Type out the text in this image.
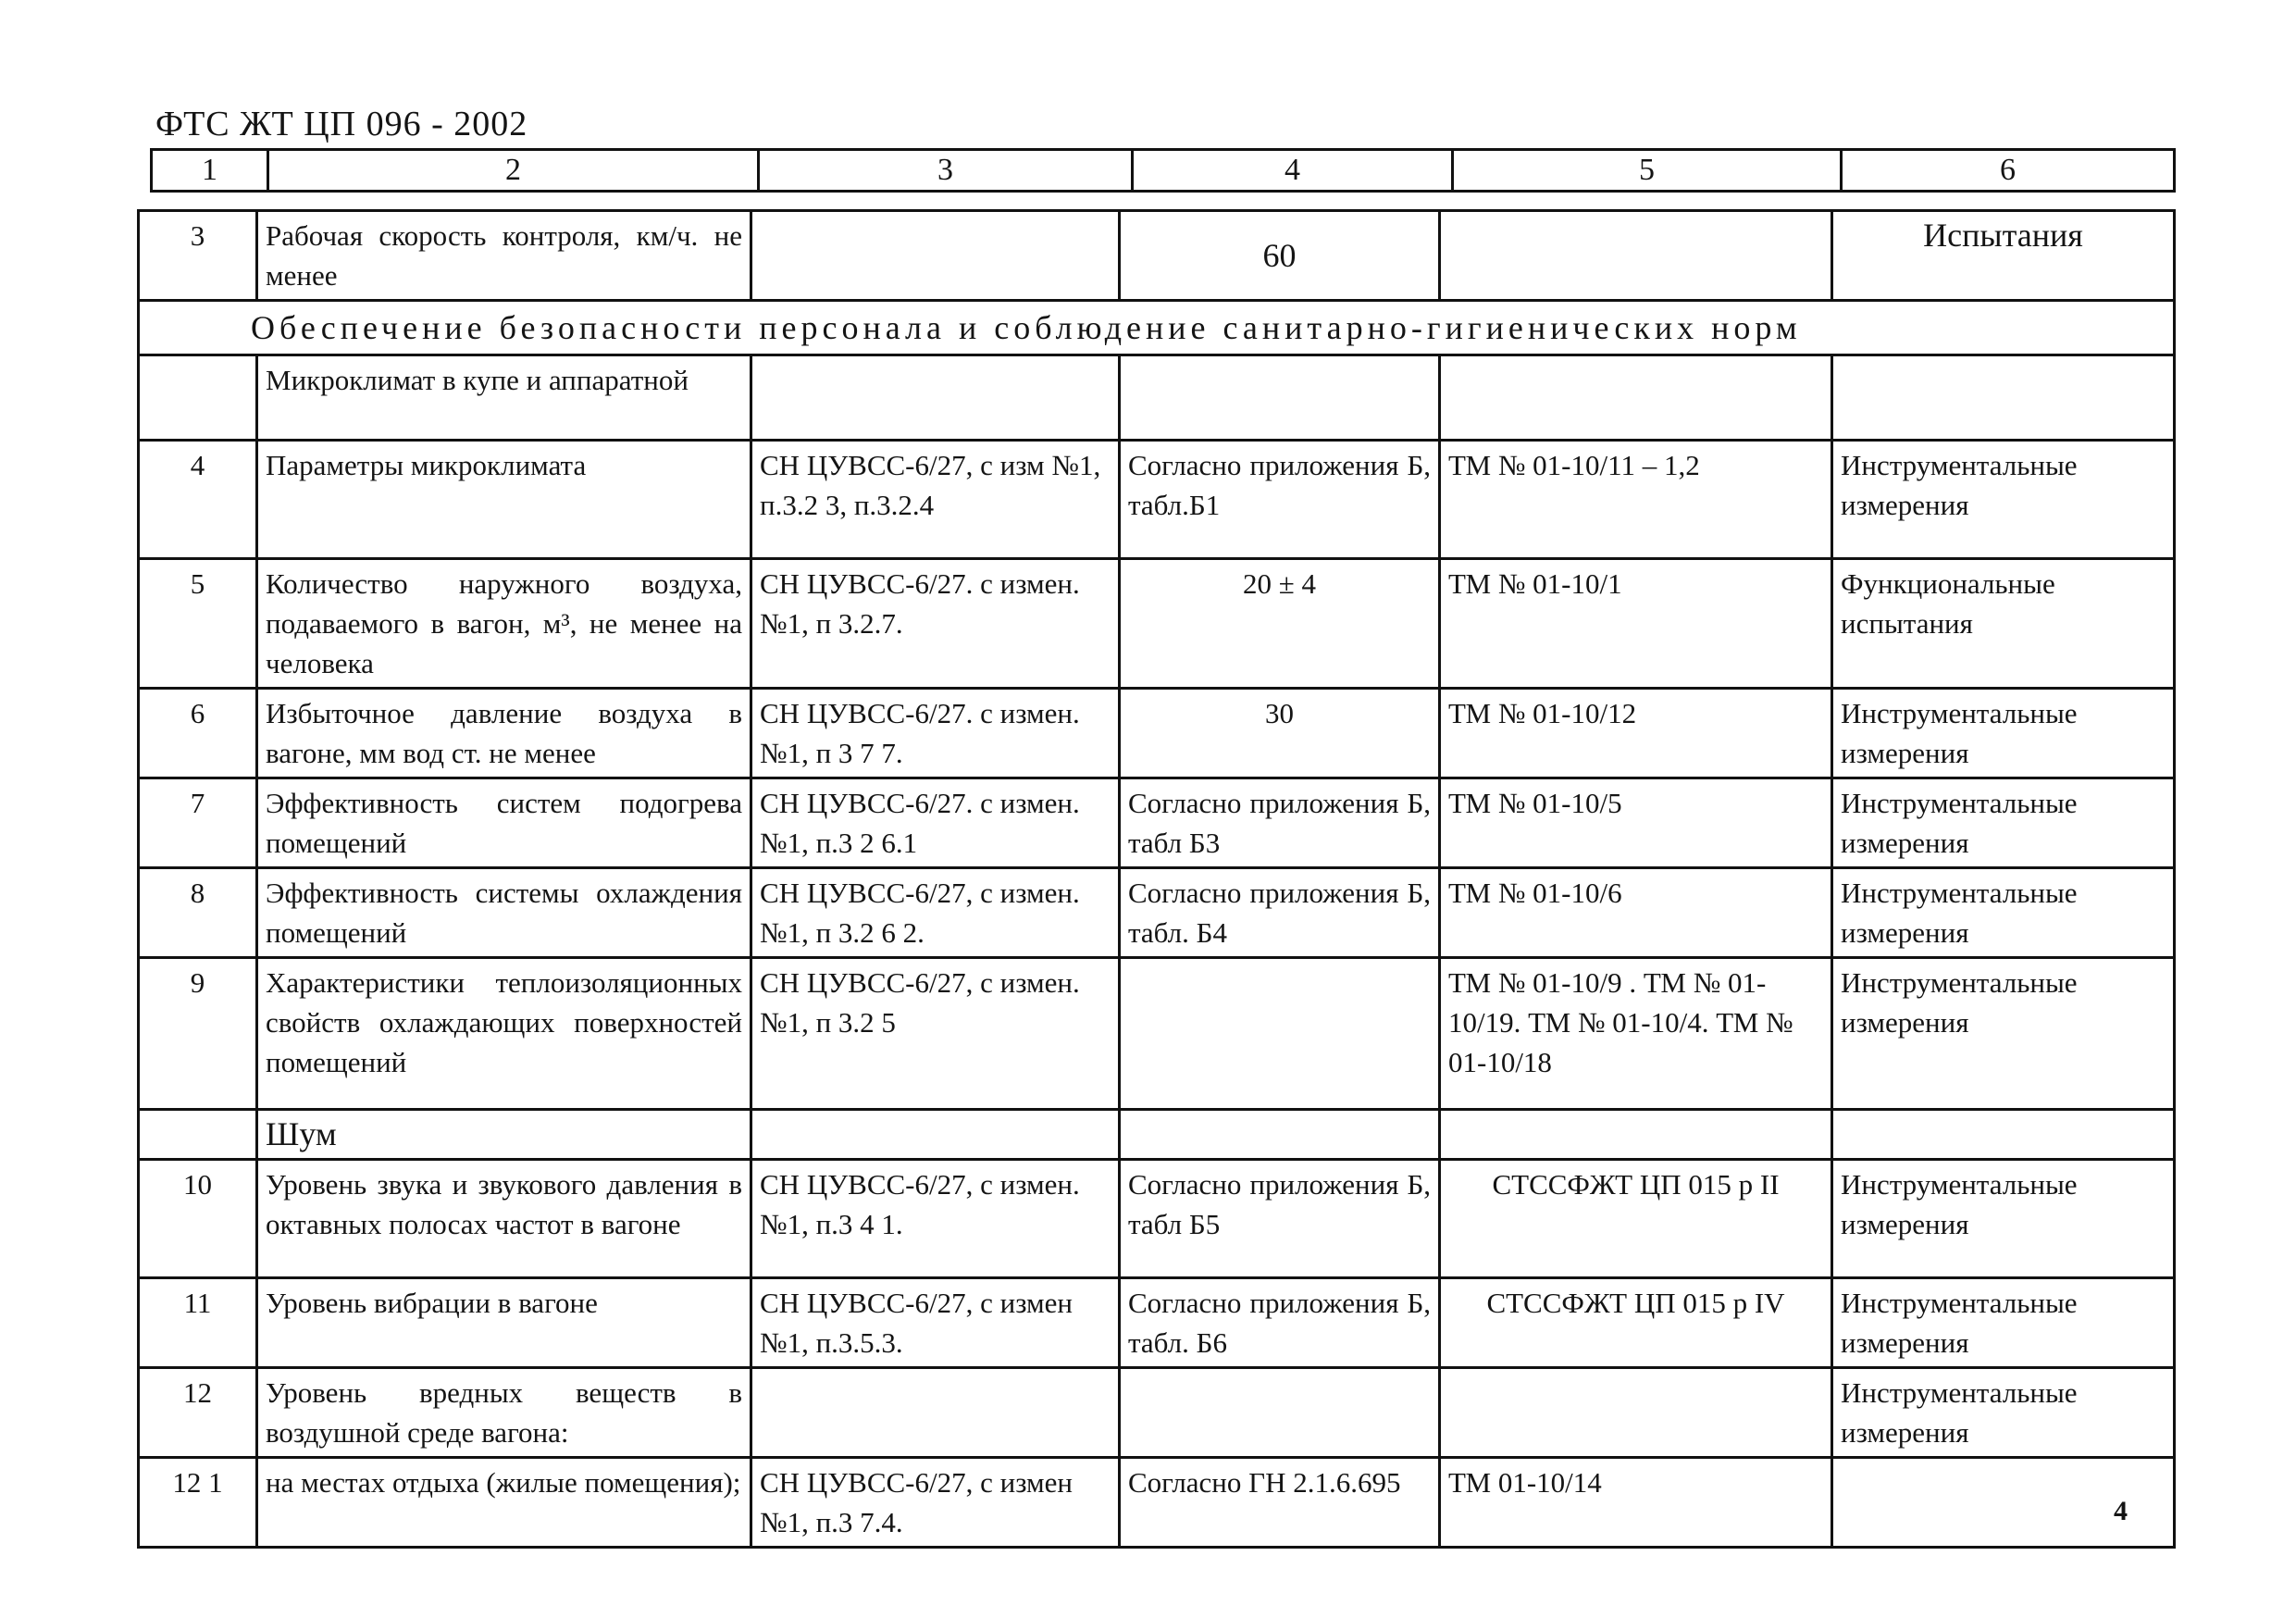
ФТС ЖТ ЦП 096 - 2002
1	2	3	4	5	6
3	Рабочая скорость контроля, км/ч. не менее		60		Испытания
Обеспечение безопасности персонала и соблюдение санитарно-гигиенических норм					
	Микроклимат в купе и аппаратной				
4	Параметры микроклимата	СН ЦУВСС-6/27, с изм №1, п.3.2 3, п.3.2.4	Согласно приложения Б, табл.Б1	ТМ № 01-10/11 – 1,2	Инструментальные измерения
5	Количество наружного воздуха, подаваемого в вагон, м³, не менее на человека	СН ЦУВСС-6/27. с измен.№1, п 3.2.7.	20 ± 4	ТМ № 01-10/1	Функциональные испытания
6	Избыточное давление воздуха в вагоне, мм вод ст. не менее	СН ЦУВСС-6/27. с измен.№1, п 3 7 7.	30	ТМ № 01-10/12	Инструментальные измерения
7	Эффективность систем подогрева помещений	СН ЦУВСС-6/27. с измен.№1, п.3 2 6.1	Согласно приложения Б, табл Б3	ТМ № 01-10/5	Инструментальные измерения
8	Эффективность системы охлаждения помещений	СН ЦУВСС-6/27, с измен.№1, п 3.2 6 2.	Согласно приложения Б, табл. Б4	ТМ № 01-10/6	Инструментальные измерения
9	Характеристики теплоизоляционных свойств охлаждающих поверхностей помещений	СН ЦУВСС-6/27, с измен.№1, п 3.2 5		ТМ № 01-10/9 . ТМ № 01-10/19. ТМ № 01-10/4. ТМ № 01-10/18	Инструментальные измерения
	Шум				
10	Уровень звука и звукового давления в октавных полосах частот в вагоне	СН ЦУВСС-6/27, с измен.№1, п.3 4 1.	Согласно приложения Б, табл Б5	СТССФЖТ ЦП 015 р II	Инструментальные измерения
11	Уровень вибрации в вагоне	СН ЦУВСС-6/27, с измен №1, п.3.5.3.	Согласно приложения Б, табл. Б6	СТССФЖТ ЦП 015 р IV	Инструментальные измерения
12	Уровень вредных веществ в воздушной среде вагона:				Инструментальные измерения
12 1	на местах отдыха (жилые помещения);	СН ЦУВСС-6/27, с измен №1, п.3 7.4.	Согласно ГН 2.1.6.695	ТМ 01-10/14	
4
